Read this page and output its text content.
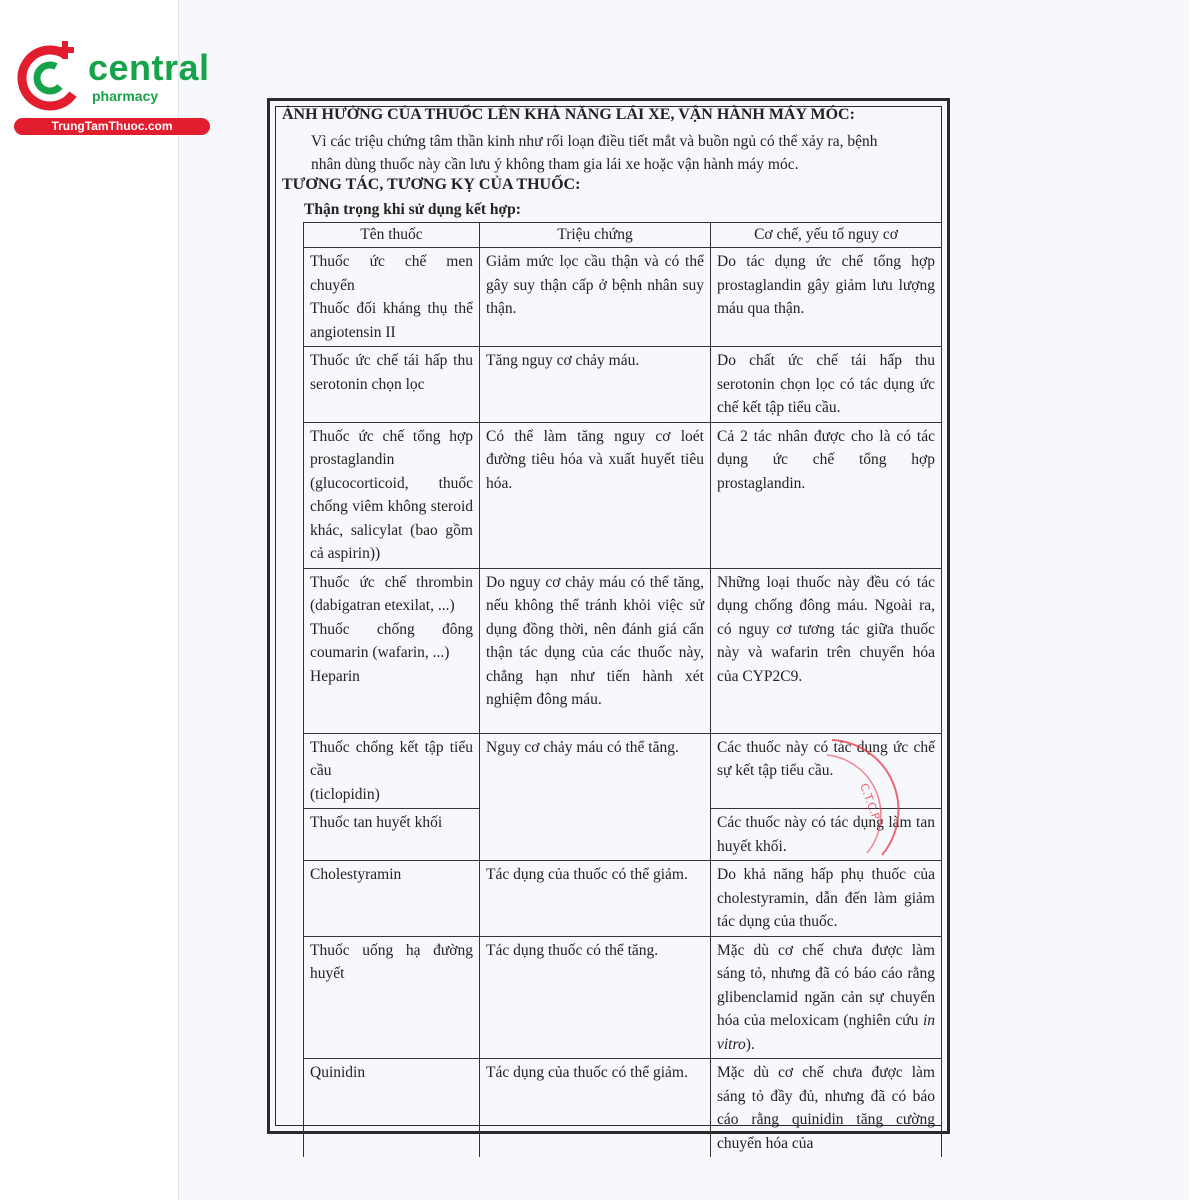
central
pharmacy
TrungTamThuoc.com
ẢNH HƯỞNG CỦA THUỐC LÊN KHẢ NĂNG LÁI XE, VẬN HÀNH MÁY MÓC:
Vì các triệu chứng tâm thần kinh như rối loạn điều tiết mắt và buồn ngủ có thể xảy ra, bệnh
nhân dùng thuốc này cần lưu ý không tham gia lái xe hoặc vận hành máy móc.
TƯƠNG TÁC, TƯƠNG KỴ CỦA THUỐC:
Thận trọng khi sử dụng kết hợp:
Tên thuốc	Triệu chứng	Cơ chế, yếu tố nguy cơ
Thuốc ức chế men chuyển
Thuốc đối kháng thụ thể angiotensin II	Giảm mức lọc cầu thận và có thể gây suy thận cấp ở bệnh nhân suy thận.	Do tác dụng ức chế tổng hợp prostaglandin gây giảm lưu lượng máu qua thận.
Thuốc ức chế tái hấp thu serotonin chọn lọc	Tăng nguy cơ chảy máu.	Do chất ức chế tái hấp thu serotonin chọn lọc có tác dụng ức chế kết tập tiểu cầu.
Thuốc ức chế tổng hợp prostaglandin (glucocorticoid, thuốc chống viêm không steroid khác, salicylat (bao gồm cả aspirin))	Có thể làm tăng nguy cơ loét đường tiêu hóa và xuất huyết tiêu hóa.	Cả 2 tác nhân được cho là có tác dụng ức chế tổng hợp prostaglandin.
Thuốc ức chế thrombin (dabigatran etexilat, ...)
Thuốc chống đông coumarin (wafarin, ...)
Heparin	Do nguy cơ chảy máu có thể tăng, nếu không thể tránh khỏi việc sử dụng đồng thời, nên đánh giá cẩn thận tác dụng của các thuốc này, chẳng hạn như tiến hành xét nghiệm đông máu.	Những loại thuốc này đều có tác dụng chống đông máu. Ngoài ra, có nguy cơ tương tác giữa thuốc này và wafarin trên chuyển hóa của CYP2C9.
Thuốc chống kết tập tiểu cầu
(ticlopidin)	Nguy cơ chảy máu có thể tăng.	Các thuốc này có tác dụng ức chế sự kết tập tiểu cầu.
Thuốc tan huyết khối		Các thuốc này có tác dụng làm tan huyết khối.
Cholestyramin	Tác dụng của thuốc có thể giảm.	Do khả năng hấp phụ thuốc của cholestyramin, dẫn đến làm giảm tác dụng của thuốc.
Thuốc uống hạ đường huyết	Tác dụng thuốc có thể tăng.	Mặc dù cơ chế chưa được làm sáng tỏ, nhưng đã có báo cáo rằng glibenclamid ngăn cản sự chuyển hóa của meloxicam (nghiên cứu in vitro).
Quinidin	Tác dụng của thuốc có thể giảm.	Mặc dù cơ chế chưa được làm sáng tỏ đầy đủ, nhưng đã có báo cáo rằng quinidin tăng cường chuyển hóa của
C.T.C.P
